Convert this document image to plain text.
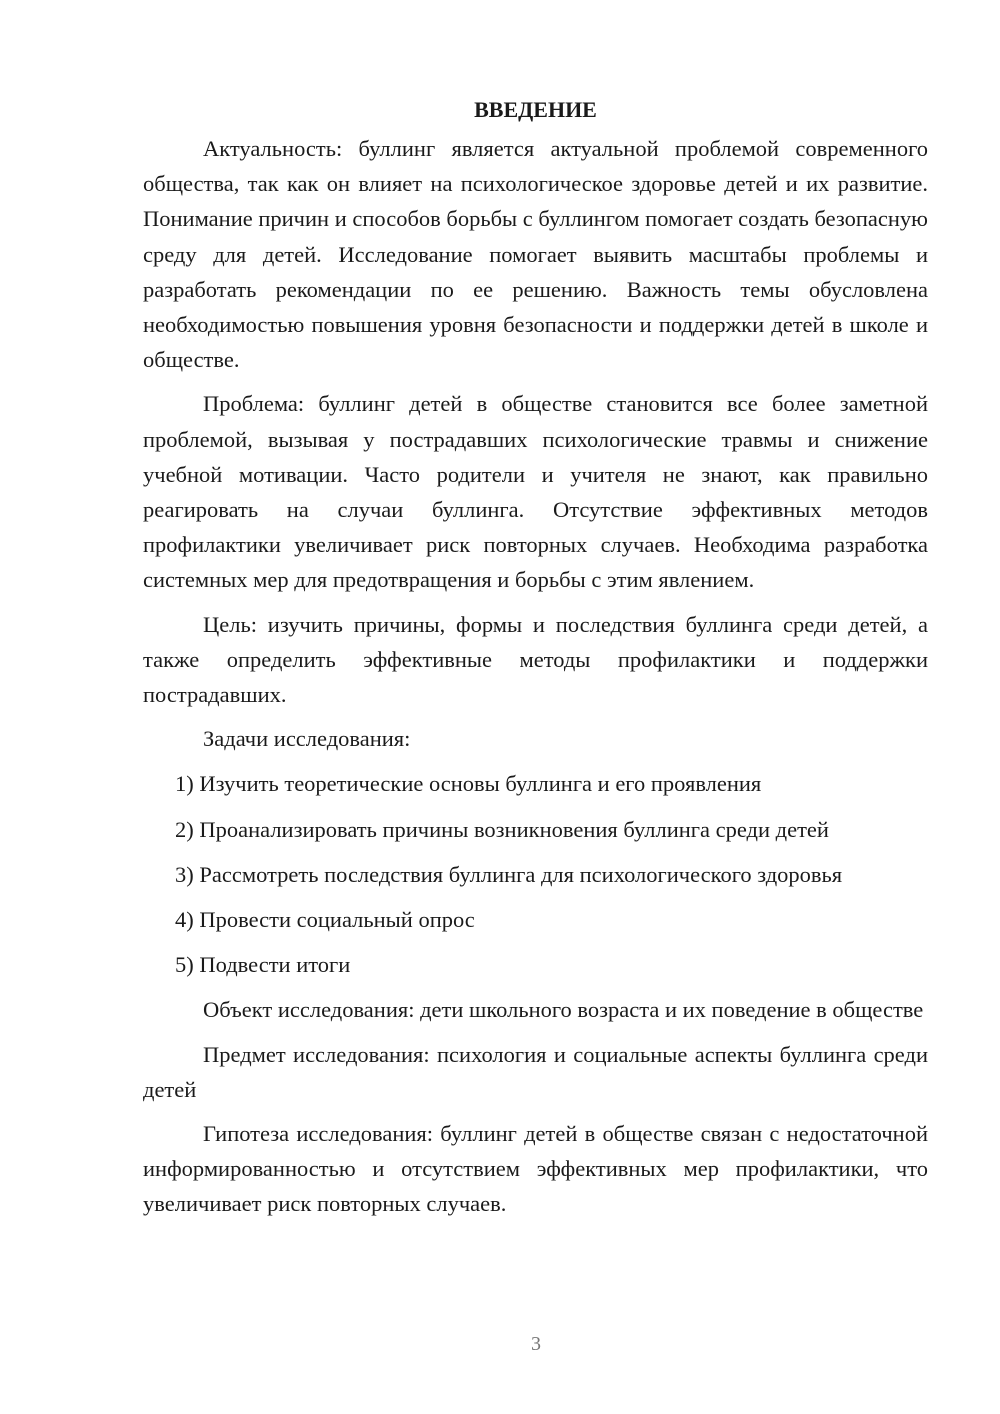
ВВЕДЕНИЕ

Актуальность: буллинг является актуальной проблемой современного общества, так как он влияет на психологическое здоровье детей и их развитие. Понимание причин и способов борьбы с буллингом помогает создать безопасную среду для детей. Исследование помогает выявить масштабы проблемы и разработать рекомендации по ее решению. Важность темы обусловлена необходимостью повышения уровня безопасности и поддержки детей в школе и обществе.

Проблема: буллинг детей в обществе становится все более заметной проблемой, вызывая у пострадавших психологические травмы и снижение учебной мотивации. Часто родители и учителя не знают, как правильно реагировать на случаи буллинга. Отсутствие эффективных методов профилактики увеличивает риск повторных случаев. Необходима разработка системных мер для предотвращения и борьбы с этим явлением.

Цель: изучить причины, формы и последствия буллинга среди детей, а также определить эффективные методы профилактики и поддержки пострадавших.

Задачи исследования:
1) Изучить теоретические основы буллинга и его проявления
2) Проанализировать причины возникновения буллинга среди детей
3) Рассмотреть последствия буллинга для психологического здоровья
4) Провести социальный опрос
5) Подвести итоги

Объект исследования: дети школьного возраста и их поведение в обществе

Предмет исследования: психология и социальные аспекты буллинга среди детей

Гипотеза исследования: буллинг детей в обществе связан с недостаточной информированностью и отсутствием эффективных мер профилактики, что увеличивает риск повторных случаев.

3
